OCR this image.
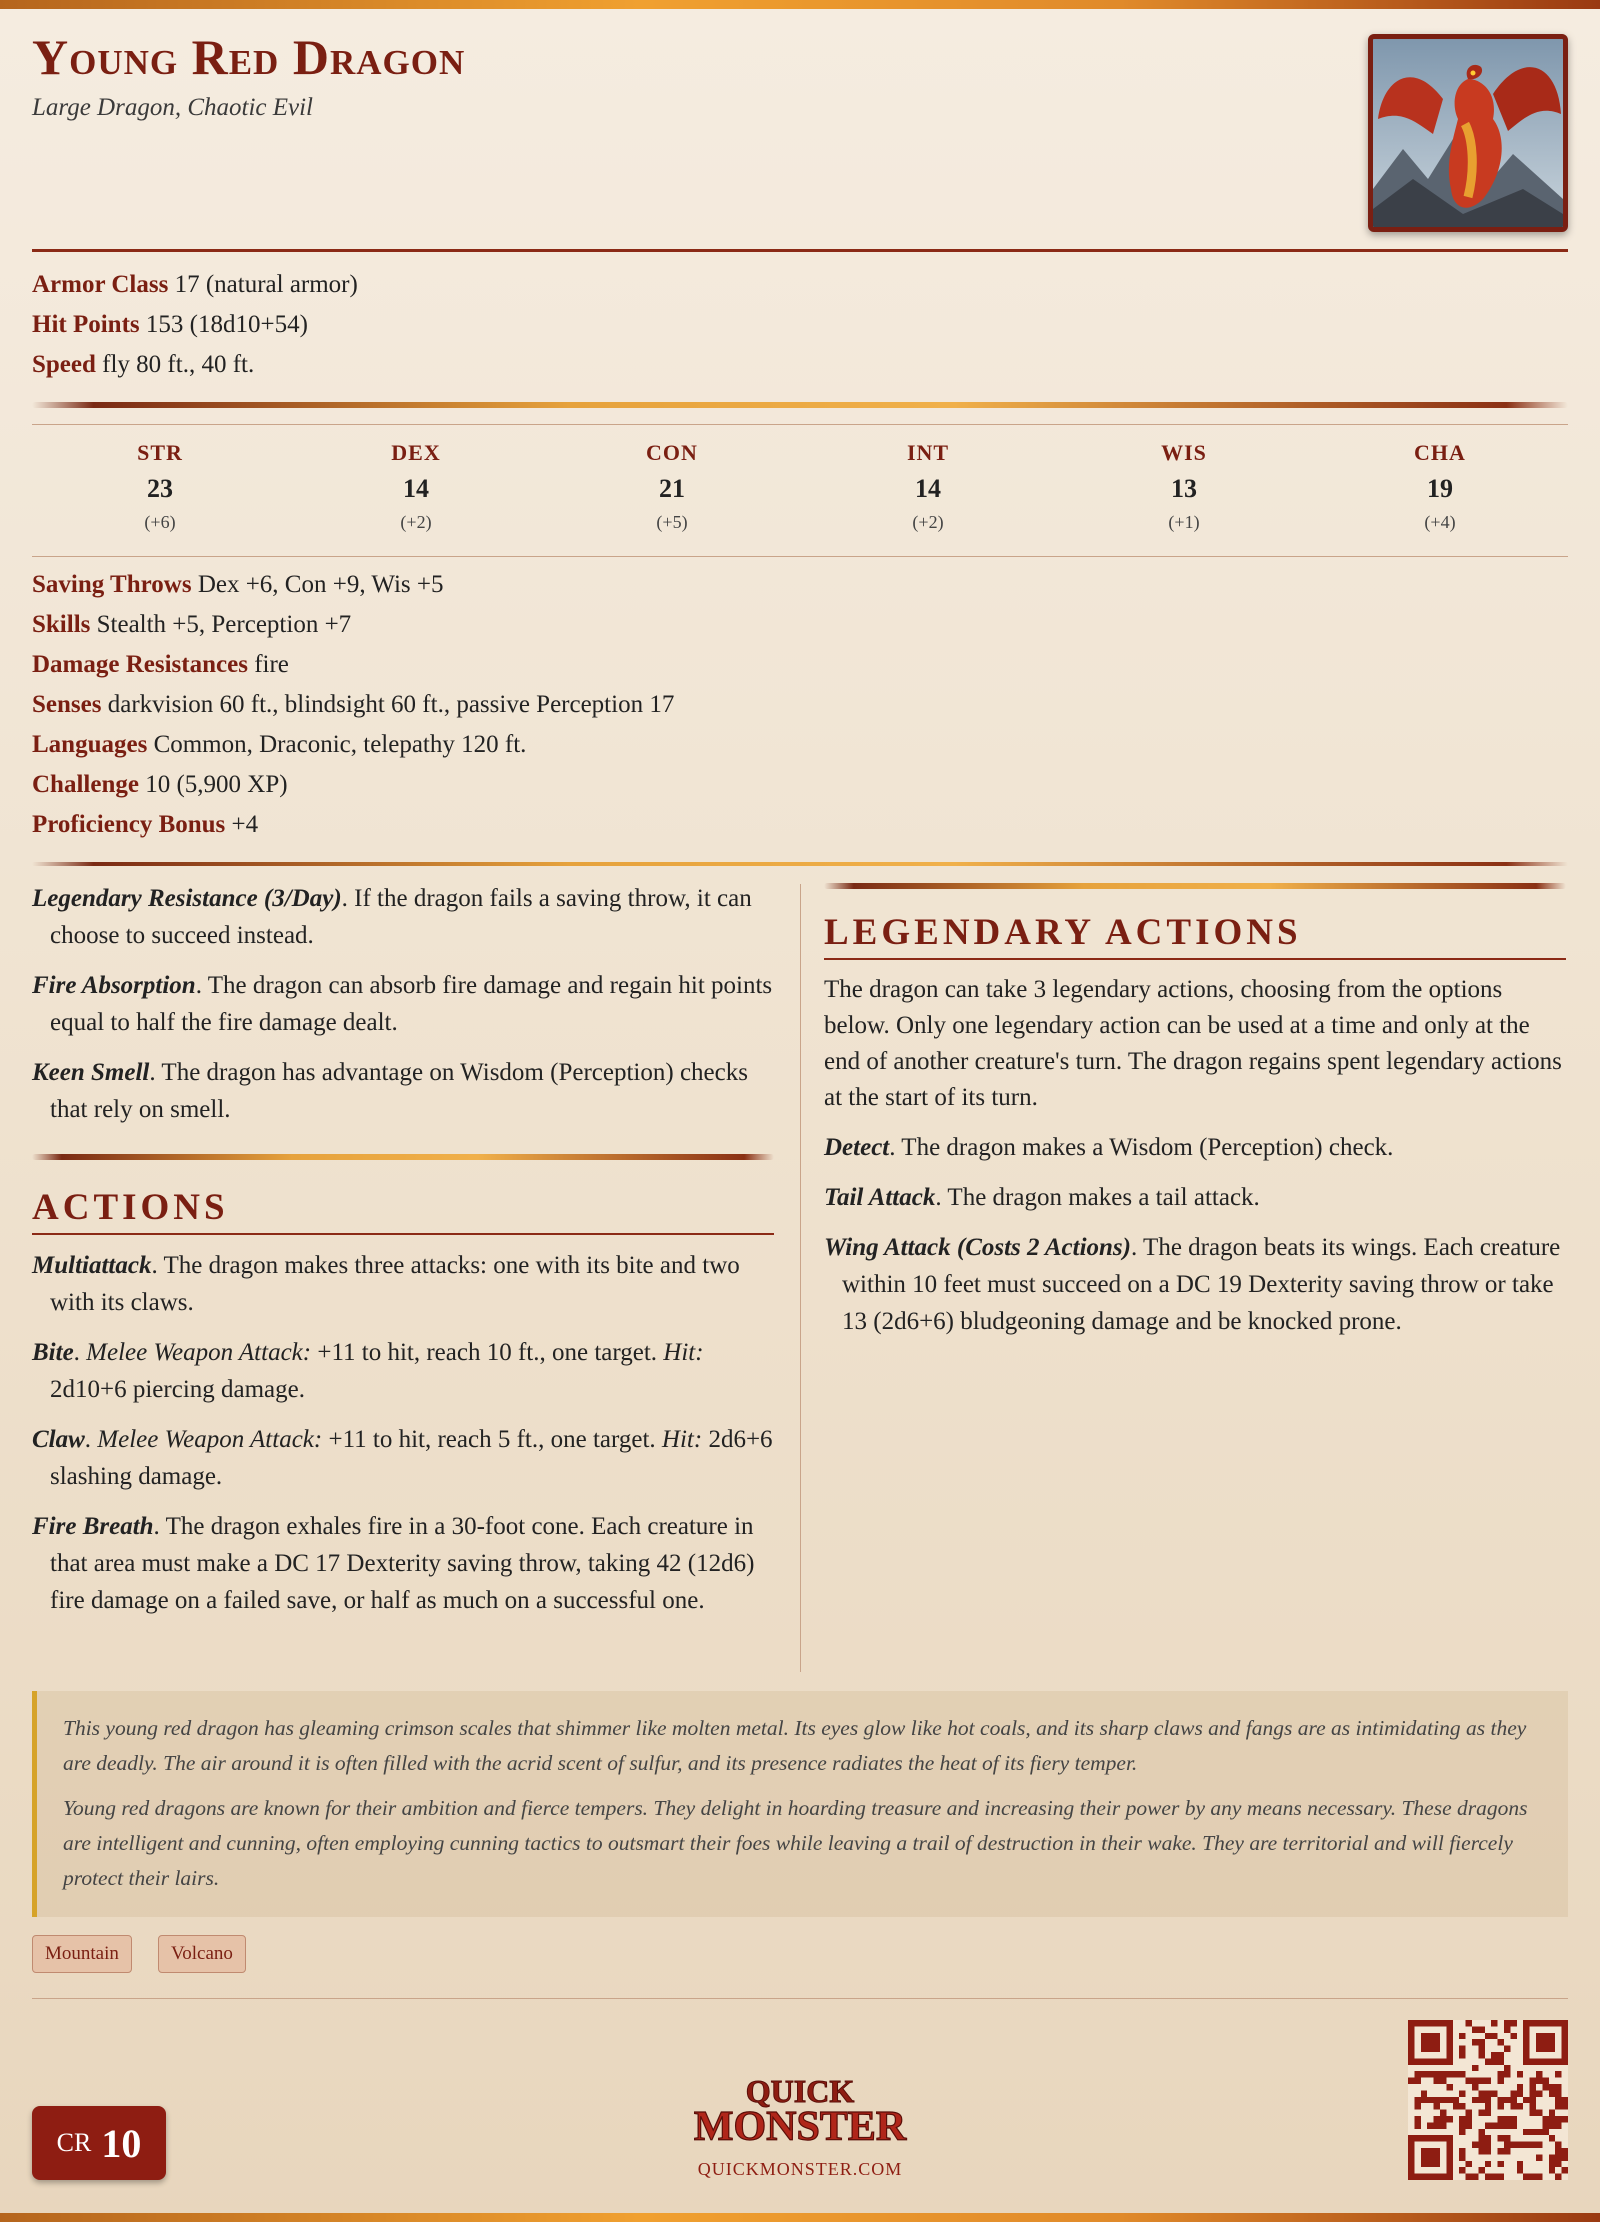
Young Red Dragon
Large Dragon, Chaotic Evil
Armor Class 17 (natural armor)
Hit Points 153 (18d10+54)
Speed fly 80 ft., 40 ft.
STR
23
(+6)
DEX
14
(+2)
CON
21
(+5)
INT
14
(+2)
WIS
13
(+1)
CHA
19
(+4)
Saving Throws Dex +6, Con +9, Wis +5
Skills Stealth +5, Perception +7
Damage Resistances fire
Senses darkvision 60 ft., blindsight 60 ft., passive Perception 17
Languages Common, Draconic, telepathy 120 ft.
Challenge 10 (5,900 XP)
Proficiency Bonus +4
Legendary Resistance (3/Day). If the dragon fails a saving throw, it can choose to succeed instead.
Fire Absorption. The dragon can absorb fire damage and regain hit points equal to half the fire damage dealt.
Keen Smell. The dragon has advantage on Wisdom (Perception) checks that rely on smell.
ACTIONS
Multiattack. The dragon makes three attacks: one with its bite and two with its claws.
Bite. Melee Weapon Attack: +11 to hit, reach 10 ft., one target. Hit: 2d10+6 piercing damage.
Claw. Melee Weapon Attack: +11 to hit, reach 5 ft., one target. Hit: 2d6+6 slashing damage.
Fire Breath. The dragon exhales fire in a 30-foot cone. Each creature in that area must make a DC 17 Dexterity saving throw, taking 42 (12d6) fire damage on a failed save, or half as much on a successful one.
LEGENDARY ACTIONS
The dragon can take 3 legendary actions, choosing from the options below. Only one legendary action can be used at a time and only at the end of another creature's turn. The dragon regains spent legendary actions at the start of its turn.
Detect. The dragon makes a Wisdom (Perception) check.
Tail Attack. The dragon makes a tail attack.
Wing Attack (Costs 2 Actions). The dragon beats its wings. Each creature within 10 feet must succeed on a DC 19 Dexterity saving throw or take 13 (2d6+6) bludgeoning damage and be knocked prone.

This young red dragon has gleaming crimson scales that shimmer like molten metal. Its eyes glow like hot coals, and its sharp claws and fangs are as intimidating as they are deadly. The air around it is often filled with the acrid scent of sulfur, and its presence radiates the heat of its fiery temper.

Young red dragons are known for their ambition and fierce tempers. They delight in hoarding treasure and increasing their power by any means necessary. These dragons are intelligent and cunning, often employing cunning tactics to outsmart their foes while leaving a trail of destruction in their wake. They are territorial and will fiercely protect their lairs.

Mountain	Volcano
CR 10
QUICK
MONSTER
QUICKMONSTER.COM
